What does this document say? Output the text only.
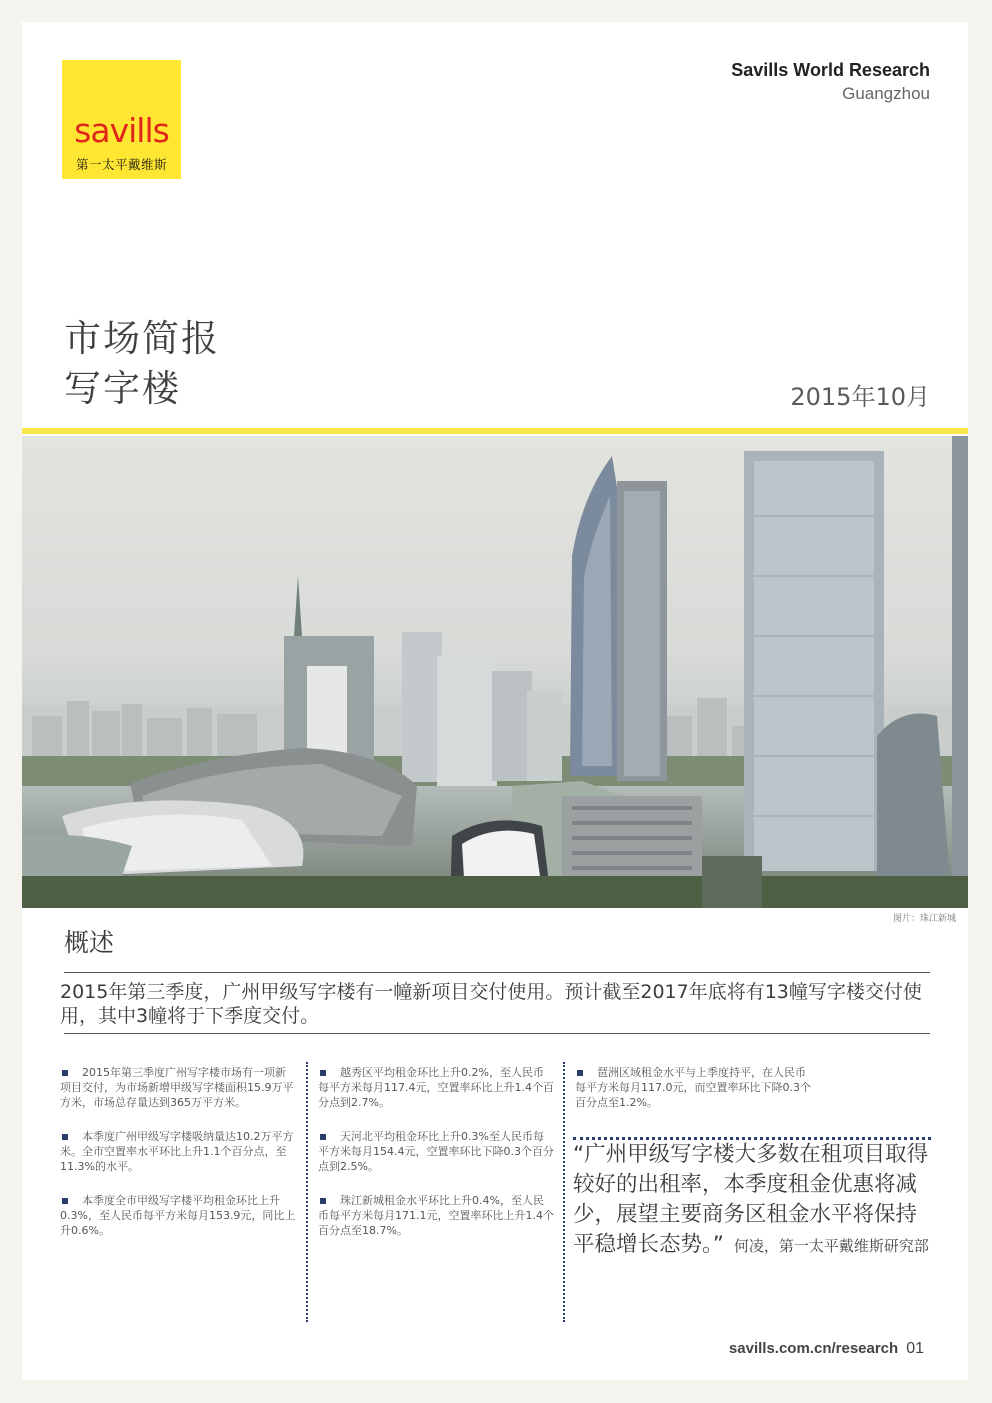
savills
第一太平戴维斯
Savills World Research
Guangzhou
市场简报
写字楼	2015年10月
图片：珠江新城
概述
2015年第三季度，广州甲级写字楼有一幢新项目交付使用。预计截至2017年底将有13幢写字楼交付使用，其中3幢将于下季度交付。

2015年第三季度广州写字楼市场有一项新项目交付，为市场新增甲级写字楼面积15.9万平方米，市场总存量达到365万平方米。

本季度广州甲级写字楼吸纳量达10.2万平方米。全市空置率水平环比上升1.1个百分点，至11.3%的水平。

本季度全市甲级写字楼平均租金环比上升0.3%，至人民币每平方米每月153.9元，同比上升0.6%。

越秀区平均租金环比上升0.2%，至人民币每平方米每月117.4元，空置率环比上升1.4个百分点到2.7%。

天河北平均租金环比上升0.3%至人民币每平方米每月154.4元，空置率环比下降0.3个百分点到2.5%。

珠江新城租金水平环比上升0.4%，至人民币每平方米每月171.1元，空置率环比上升1.4个百分点至18.7%。

琶洲区域租金水平与上季度持平，在人民币每平方米每月117.0元，而空置率环比下降0.3个百分点至1.2%。

“广州甲级写字楼大多数在租项目取得较好的出租率，本季度租金优惠将减少，展望主要商务区租金水平将保持平稳增长态势。” 何凌，第一太平戴维斯研究部
savills.com.cn/research 01
